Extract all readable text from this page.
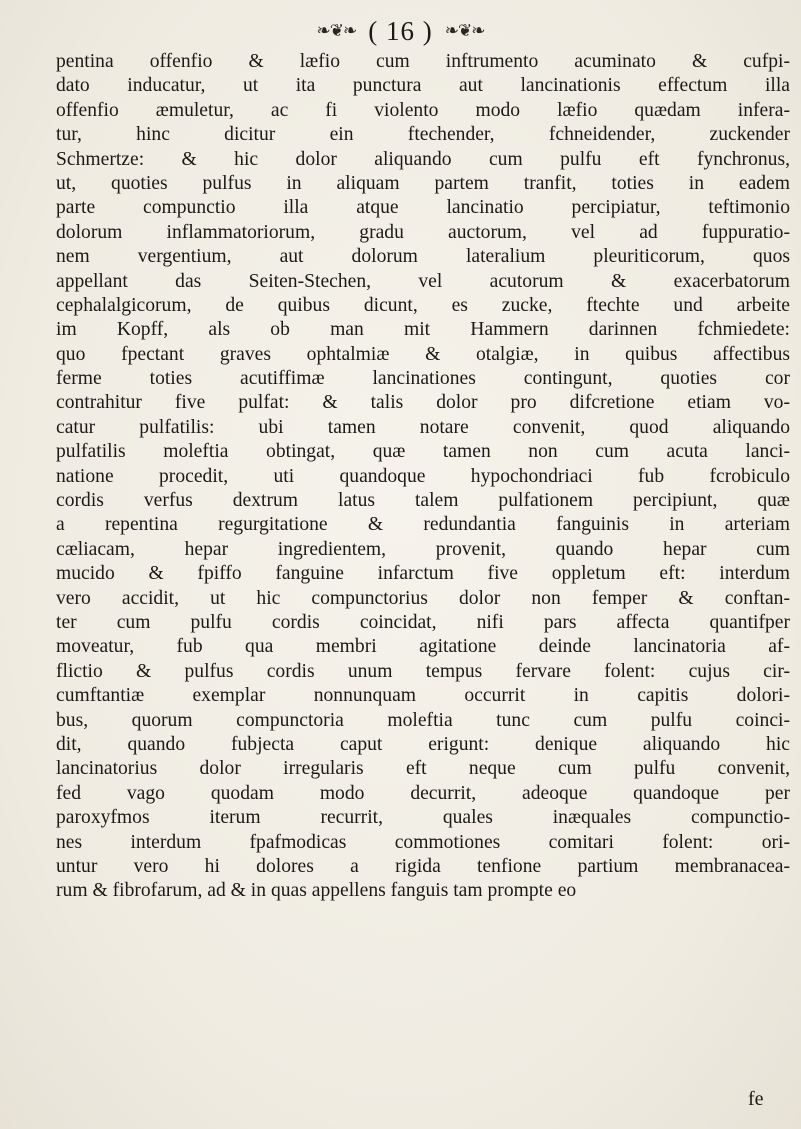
❧❦❧ ( 16 ) ❧❦❧
pentina offenfio & læfio cum inftrumento acuminato & cufpi-
dato inducatur, ut ita punctura aut lancinationis effectum illa
offenfio æmuletur, ac fi violento modo læfio quædam infera-
tur, hinc dicitur ein ftechender, fchneidender, zuckender
Schmertze: & hic dolor aliquando cum pulfu eft fynchronus,
ut, quoties pulfus in aliquam partem tranfit, toties in eadem
parte compunctio illa atque lancinatio percipiatur, teftimonio
dolorum inflammatoriorum, gradu auctorum, vel ad fuppuratio-
nem vergentium, aut dolorum lateralium pleuriticorum, quos
appellant das Seiten-Stechen, vel acutorum & exacerbatorum
cephalalgicorum, de quibus dicunt, es zucke, ftechte und arbeite
im Kopff, als ob man mit Hammern darinnen fchmiedete:
quo fpectant graves ophtalmiæ & otalgiæ, in quibus affectibus
ferme toties acutiffimæ lancinationes contingunt, quoties cor
contrahitur five pulfat: & talis dolor pro difcretione etiam vo-
catur pulfatilis: ubi tamen notare convenit, quod aliquando
pulfatilis moleftia obtingat, quæ tamen non cum acuta lanci-
natione procedit, uti quandoque hypochondriaci fub fcrobiculo
cordis verfus dextrum latus talem pulfationem percipiunt, quæ
a repentina regurgitatione & redundantia fanguinis in arteriam
cæliacam, hepar ingredientem, provenit, quando hepar cum
mucido & fpiffo fanguine infarctum five oppletum eft: interdum
vero accidit, ut hic compunctorius dolor non femper & conftan-
ter cum pulfu cordis coincidat, nifi pars affecta quantifper
moveatur, fub qua membri agitatione deinde lancinatoria af-
flictio & pulfus cordis unum tempus fervare folent: cujus cir-
cumftantiæ exemplar nonnunquam occurrit in capitis dolori-
bus, quorum compunctoria moleftia tunc cum pulfu coinci-
dit, quando fubjecta caput erigunt: denique aliquando hic
lancinatorius dolor irregularis eft neque cum pulfu convenit,
fed vago quodam modo decurrit, adeoque quandoque per
paroxyfmos iterum recurrit, quales inæquales compunctio-
nes interdum fpafmodicas commotiones comitari folent: ori-
untur vero hi dolores a rigida tenfione partium membranacea-
rum & fibrofarum, ad & in quas appellens fanguis tam prompte eo
fe
